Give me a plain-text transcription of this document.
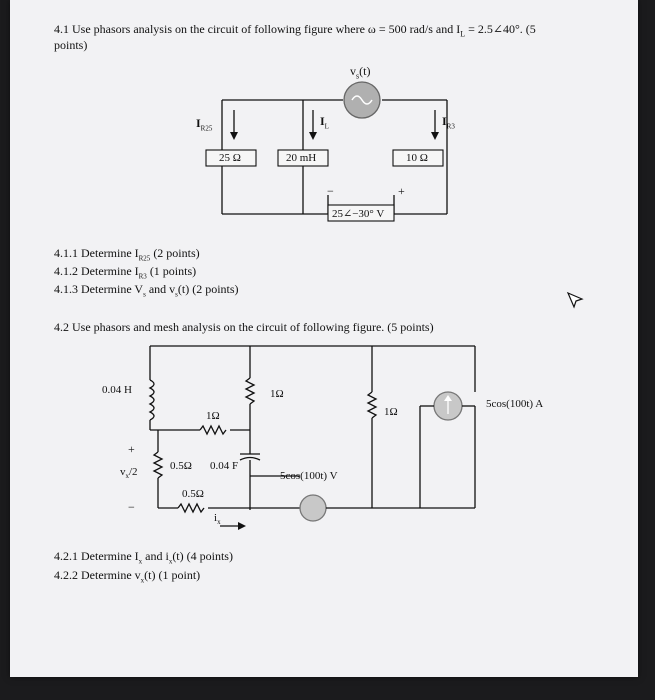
4.1 Use phasors analysis on the circuit of following figure where ω = 500 rad/s and $I_L$ = 2.5∠40°. (5
points)
$v_s(t)$
$I_{R25}$
$I_L$	$I_{R3}$
25 Ω	20 mH	10 Ω
25∠−30° V
+
−
4.1.1 Determine $I_{R25}$ (2 points)
4.1.2 Determine $I_{R3}$ (1 points)
4.1.3 Determine $V_s$ and $v_s(t)$ (2 points)
4.2 Use phasors and mesh analysis on the circuit of following figure. (5 points)
0.04 H	1Ω
1Ω	1Ω
0.5Ω
0.5Ω
0.04 F
5cos(100t) V
5cos(100t) A
$v_x/2$
$i_x$
+
−
4.2.1 Determine $I_x$ and $i_x(t)$ (4 points)
4.2.2 Determine $v_x(t)$ (1 point)
